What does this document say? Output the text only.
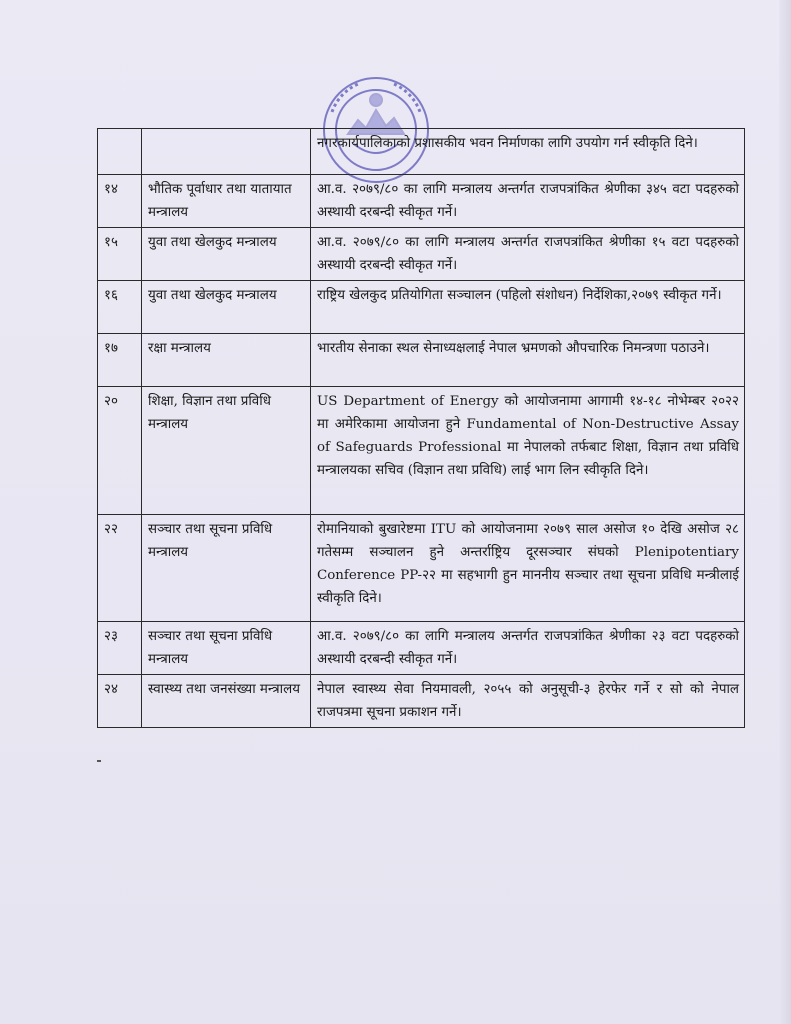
		नगरकार्यपालिकाको प्रशासकीय भवन निर्माणका लागि उपयोग गर्न स्वीकृति दिने।
१४	भौतिक पूर्वाधार तथा यातायात मन्त्रालय	आ.व. २०७९/८० का लागि मन्त्रालय अन्तर्गत राजपत्रांकित श्रेणीका ३४५ वटा पदहरुको अस्थायी दरबन्दी स्वीकृत गर्ने।
१५	युवा तथा खेलकुद मन्त्रालय	आ.व. २०७९/८० का लागि मन्त्रालय अन्तर्गत राजपत्रांकित श्रेणीका १५ वटा पदहरुको अस्थायी दरबन्दी स्वीकृत गर्ने।
१६	युवा तथा खेलकुद मन्त्रालय	राष्ट्रिय खेलकुद प्रतियोगिता सञ्चालन (पहिलो संशोधन) निर्देशिका,२०७९ स्वीकृत गर्ने।
१७	रक्षा मन्त्रालय	भारतीय सेनाका स्थल सेनाध्यक्षलाई नेपाल भ्रमणको औपचारिक निमन्त्रणा पठाउने।
२०	शिक्षा, विज्ञान तथा प्रविधि मन्त्रालय	US Department of Energy को आयोजनामा आगामी १४-१८ नोभेम्बर २०२२ मा अमेरिकामा आयोजना हुने Fundamental of Non-Destructive Assay of Safeguards Professional मा नेपालको तर्फबाट शिक्षा, विज्ञान तथा प्रविधि मन्त्रालयका सचिव (विज्ञान तथा प्रविधि) लाई भाग लिन स्वीकृति दिने।
२२	सञ्चार तथा सूचना प्रविधि मन्त्रालय	रोमानियाको बुखारेष्टमा ITU को आयोजनामा २०७९ साल असोज १० देखि असोज २८ गतेसम्म सञ्चालन हुने अन्तर्राष्ट्रिय दूरसञ्चार संघको Plenipotentiary Conference PP-२२ मा सहभागी हुन माननीय सञ्चार तथा सूचना प्रविधि मन्त्रीलाई स्वीकृति दिने।
२३	सञ्चार तथा सूचना प्रविधि मन्त्रालय	आ.व. २०७९/८० का लागि मन्त्रालय अन्तर्गत राजपत्रांकित श्रेणीका २३ वटा पदहरुको अस्थायी दरबन्दी स्वीकृत गर्ने।
२४	स्वास्थ्य तथा जनसंख्या मन्त्रालय	नेपाल स्वास्थ्य सेवा नियमावली, २०५५ को अनुसूची-३ हेरफेर गर्ने र सो को नेपाल राजपत्रमा सूचना प्रकाशन गर्ने।
